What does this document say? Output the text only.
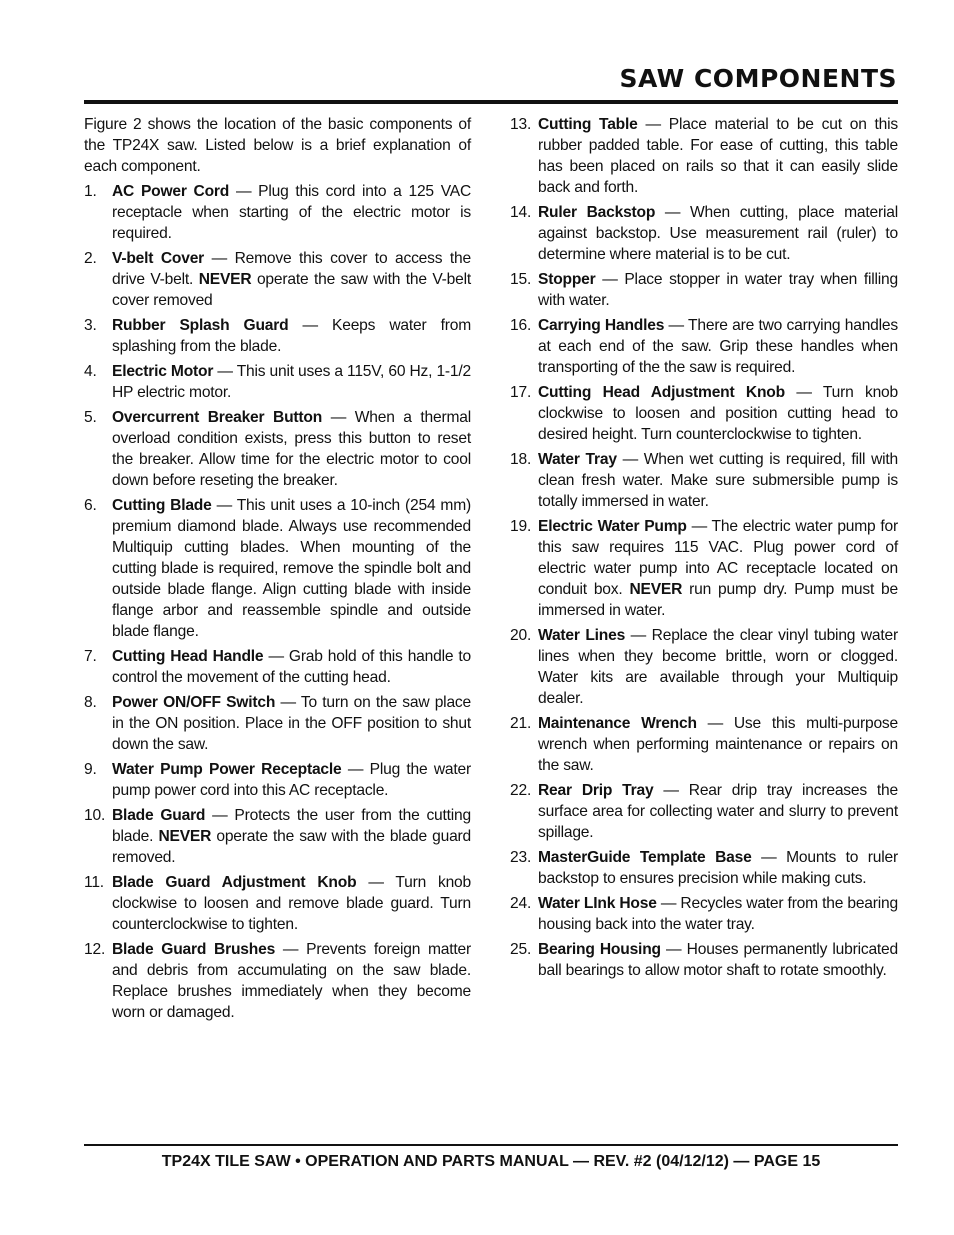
SAW COMPONENTS

Figure 2 shows the location of the basic components of the TP24X saw. Listed below is a brief explanation of each component.

1. AC Power Cord — Plug this cord into a 125 VAC receptacle when starting of the electric motor is required.
2. V-belt Cover — Remove this cover to access the drive V-belt. NEVER operate the saw with the V-belt cover removed
3. Rubber Splash Guard — Keeps water from splashing from the blade.
4. Electric Motor — This unit uses a 115V, 60 Hz, 1-1/2 HP electric motor.
5. Overcurrent Breaker Button — When a thermal overload condition exists, press this button to reset the breaker. Allow time for the electric motor to cool down before reseting the breaker.
6. Cutting Blade — This unit uses a 10-inch (254 mm) premium diamond blade. Always use recommended Multiquip cutting blades. When mounting of the cutting blade is required, remove the spindle bolt and outside blade flange. Align cutting blade with inside flange arbor and reassemble spindle and outside blade flange.
7. Cutting Head Handle — Grab hold of this handle to control the movement of the cutting head.
8. Power ON/OFF Switch — To turn on the saw place in the ON position. Place in the OFF position to shut down the saw.
9. Water Pump Power Receptacle — Plug the water pump power cord into this AC receptacle.
10. Blade Guard — Protects the user from the cutting blade. NEVER operate the saw with the blade guard removed.
11. Blade Guard Adjustment Knob — Turn knob clockwise to loosen and remove blade guard. Turn counterclockwise to tighten.
12. Blade Guard Brushes — Prevents foreign matter and debris from accumulating on the saw blade. Replace brushes immediately when they become worn or damaged.
13. Cutting Table — Place material to be cut on this rubber padded table. For ease of cutting, this table has been placed on rails so that it can easily slide back and forth.
14. Ruler Backstop — When cutting, place material against backstop. Use measurement rail (ruler) to determine where material is to be cut.
15. Stopper — Place stopper in water tray when filling with water.
16. Carrying Handles — There are two carrying handles at each end of the saw. Grip these handles when transporting of the the saw is required.
17. Cutting Head Adjustment Knob — Turn knob clockwise to loosen and position cutting head to desired height. Turn counterclockwise to tighten.
18. Water Tray — When wet cutting is required, fill with clean fresh water. Make sure submersible pump is totally immersed in water.
19. Electric Water Pump — The electric water pump for this saw requires 115 VAC. Plug power cord of electric water pump into AC receptacle located on conduit box. NEVER run pump dry. Pump must be immersed in water.
20. Water Lines — Replace the clear vinyl tubing water lines when they become brittle, worn or clogged. Water kits are available through your Multiquip dealer.
21. Maintenance Wrench — Use this multi-purpose wrench when performing maintenance or repairs on the saw.
22. Rear Drip Tray — Rear drip tray increases the surface area for collecting water and slurry to prevent spillage.
23. MasterGuide Template Base — Mounts to ruler backstop to ensures precision while making cuts.
24. Water LInk Hose — Recycles water from the bearing housing back into the water tray.
25. Bearing Housing — Houses permanently lubricated ball bearings to allow motor shaft to rotate smoothly.
TP24X TILE SAW • OPERATION AND PARTS MANUAL — REV. #2 (04/12/12) — PAGE 15
